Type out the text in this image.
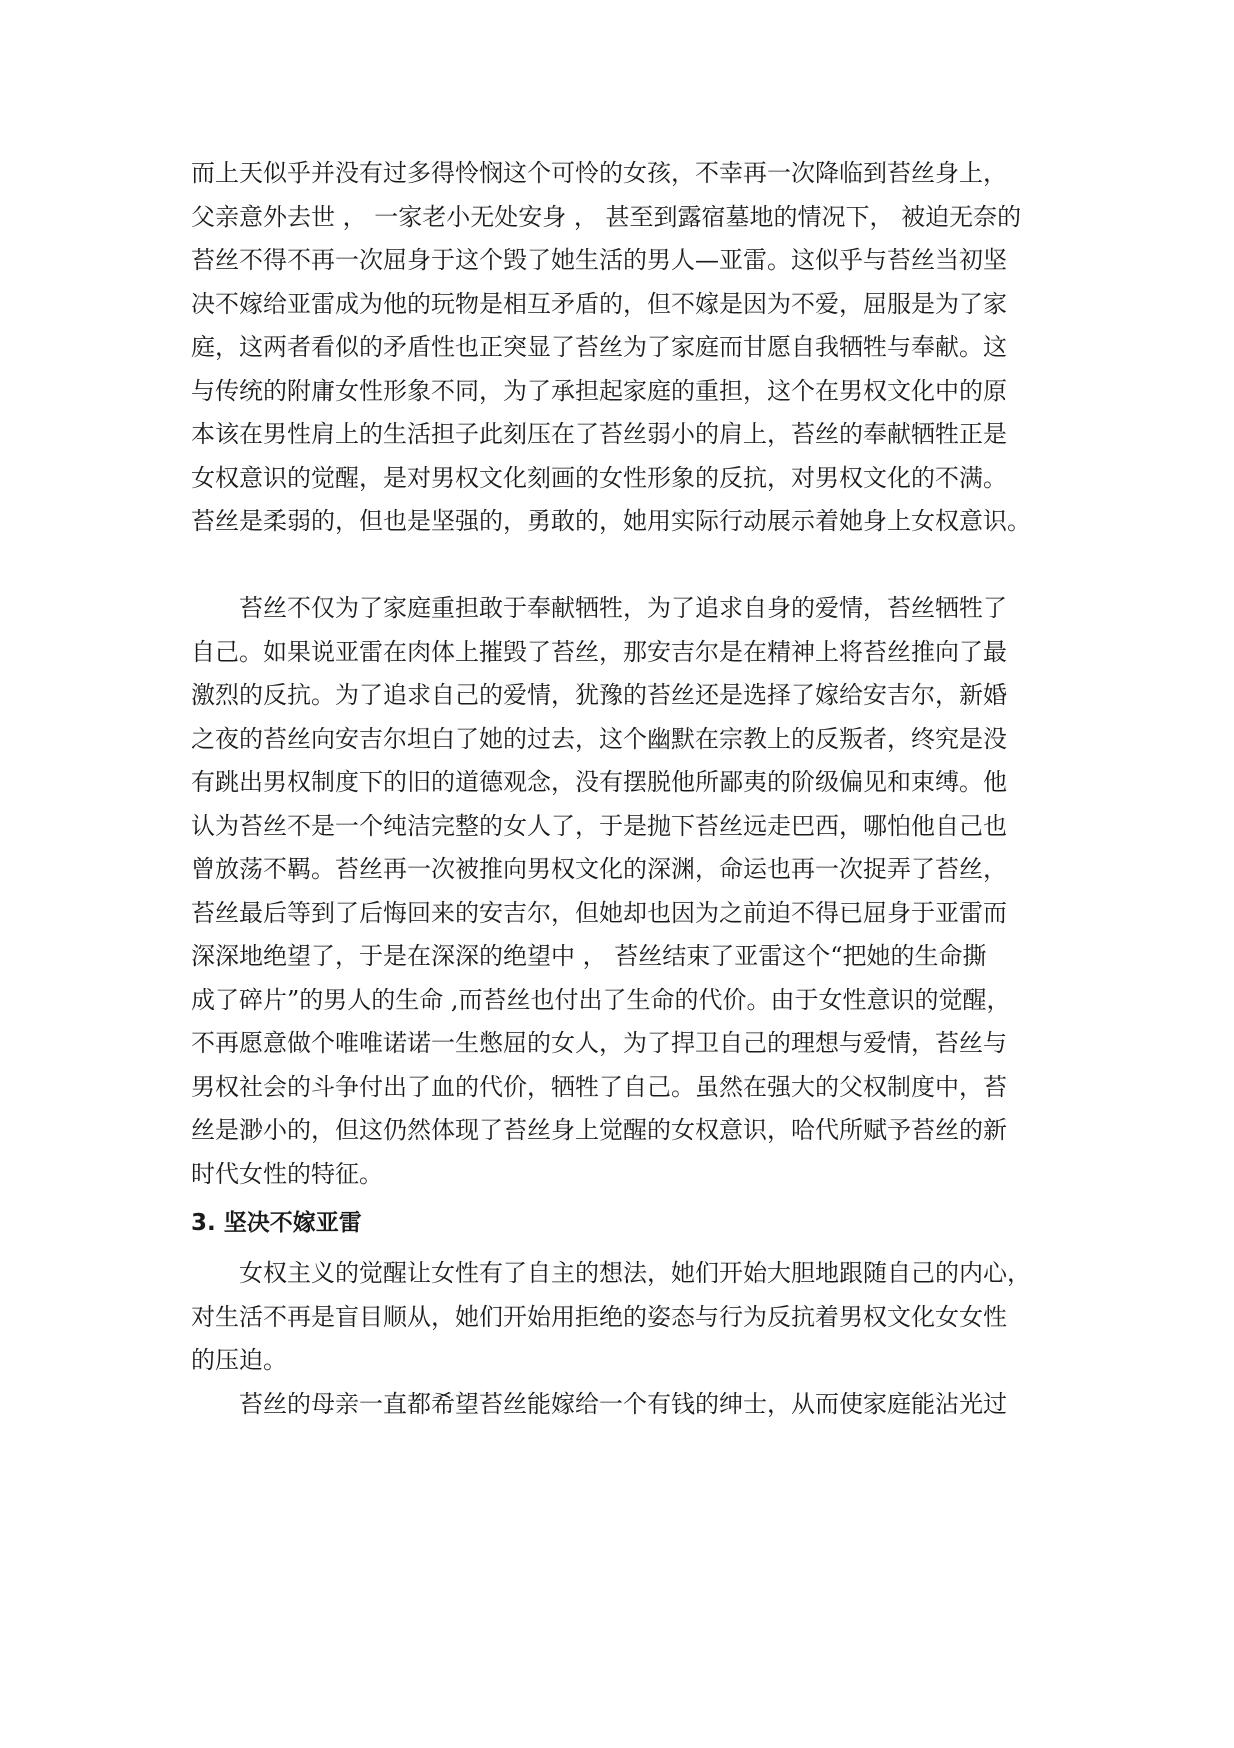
而上天似乎并没有过多得怜悯这个可怜的女孩，不幸再一次降临到苔丝身上，
父亲意外去世 ， 一家老小无处安身 ， 甚至到露宿墓地的情况下， 被迫无奈的
苔丝不得不再一次屈身于这个毁了她生活的男人—亚雷。这似乎与苔丝当初坚
决不嫁给亚雷成为他的玩物是相互矛盾的，但不嫁是因为不爱，屈服是为了家
庭，这两者看似的矛盾性也正突显了苔丝为了家庭而甘愿自我牺牲与奉献。这
与传统的附庸女性形象不同，为了承担起家庭的重担，这个在男权文化中的原
本该在男性肩上的生活担子此刻压在了苔丝弱小的肩上，苔丝的奉献牺牲正是
女权意识的觉醒，是对男权文化刻画的女性形象的反抗，对男权文化的不满。
苔丝是柔弱的，但也是坚强的，勇敢的，她用实际行动展示着她身上女权意识。
苔丝不仅为了家庭重担敢于奉献牺牲，为了追求自身的爱情，苔丝牺牲了
自己。如果说亚雷在肉体上摧毁了苔丝，那安吉尔是在精神上将苔丝推向了最
激烈的反抗。为了追求自己的爱情，犹豫的苔丝还是选择了嫁给安吉尔，新婚
之夜的苔丝向安吉尔坦白了她的过去，这个幽默在宗教上的反叛者，终究是没
有跳出男权制度下的旧的道德观念，没有摆脱他所鄙夷的阶级偏见和束缚。他
认为苔丝不是一个纯洁完整的女人了，于是抛下苔丝远走巴西，哪怕他自己也
曾放荡不羁。苔丝再一次被推向男权文化的深渊，命运也再一次捉弄了苔丝，
苔丝最后等到了后悔回来的安吉尔，但她却也因为之前迫不得已屈身于亚雷而
深深地绝望了，于是在深深的绝望中 ， 苔丝结束了亚雷这个“把她的生命撕
成了碎片”的男人的生命 ,而苔丝也付出了生命的代价。由于女性意识的觉醒，
不再愿意做个唯唯诺诺一生憋屈的女人，为了捍卫自己的理想与爱情，苔丝与
男权社会的斗争付出了血的代价，牺牲了自己。虽然在强大的父权制度中，苔
丝是渺小的，但这仍然体现了苔丝身上觉醒的女权意识，哈代所赋予苔丝的新
时代女性的特征。
3. 坚决不嫁亚雷
女权主义的觉醒让女性有了自主的想法，她们开始大胆地跟随自己的内心，
对生活不再是盲目顺从，她们开始用拒绝的姿态与行为反抗着男权文化女女性
的压迫。
苔丝的母亲一直都希望苔丝能嫁给一个有钱的绅士，从而使家庭能沾光过
